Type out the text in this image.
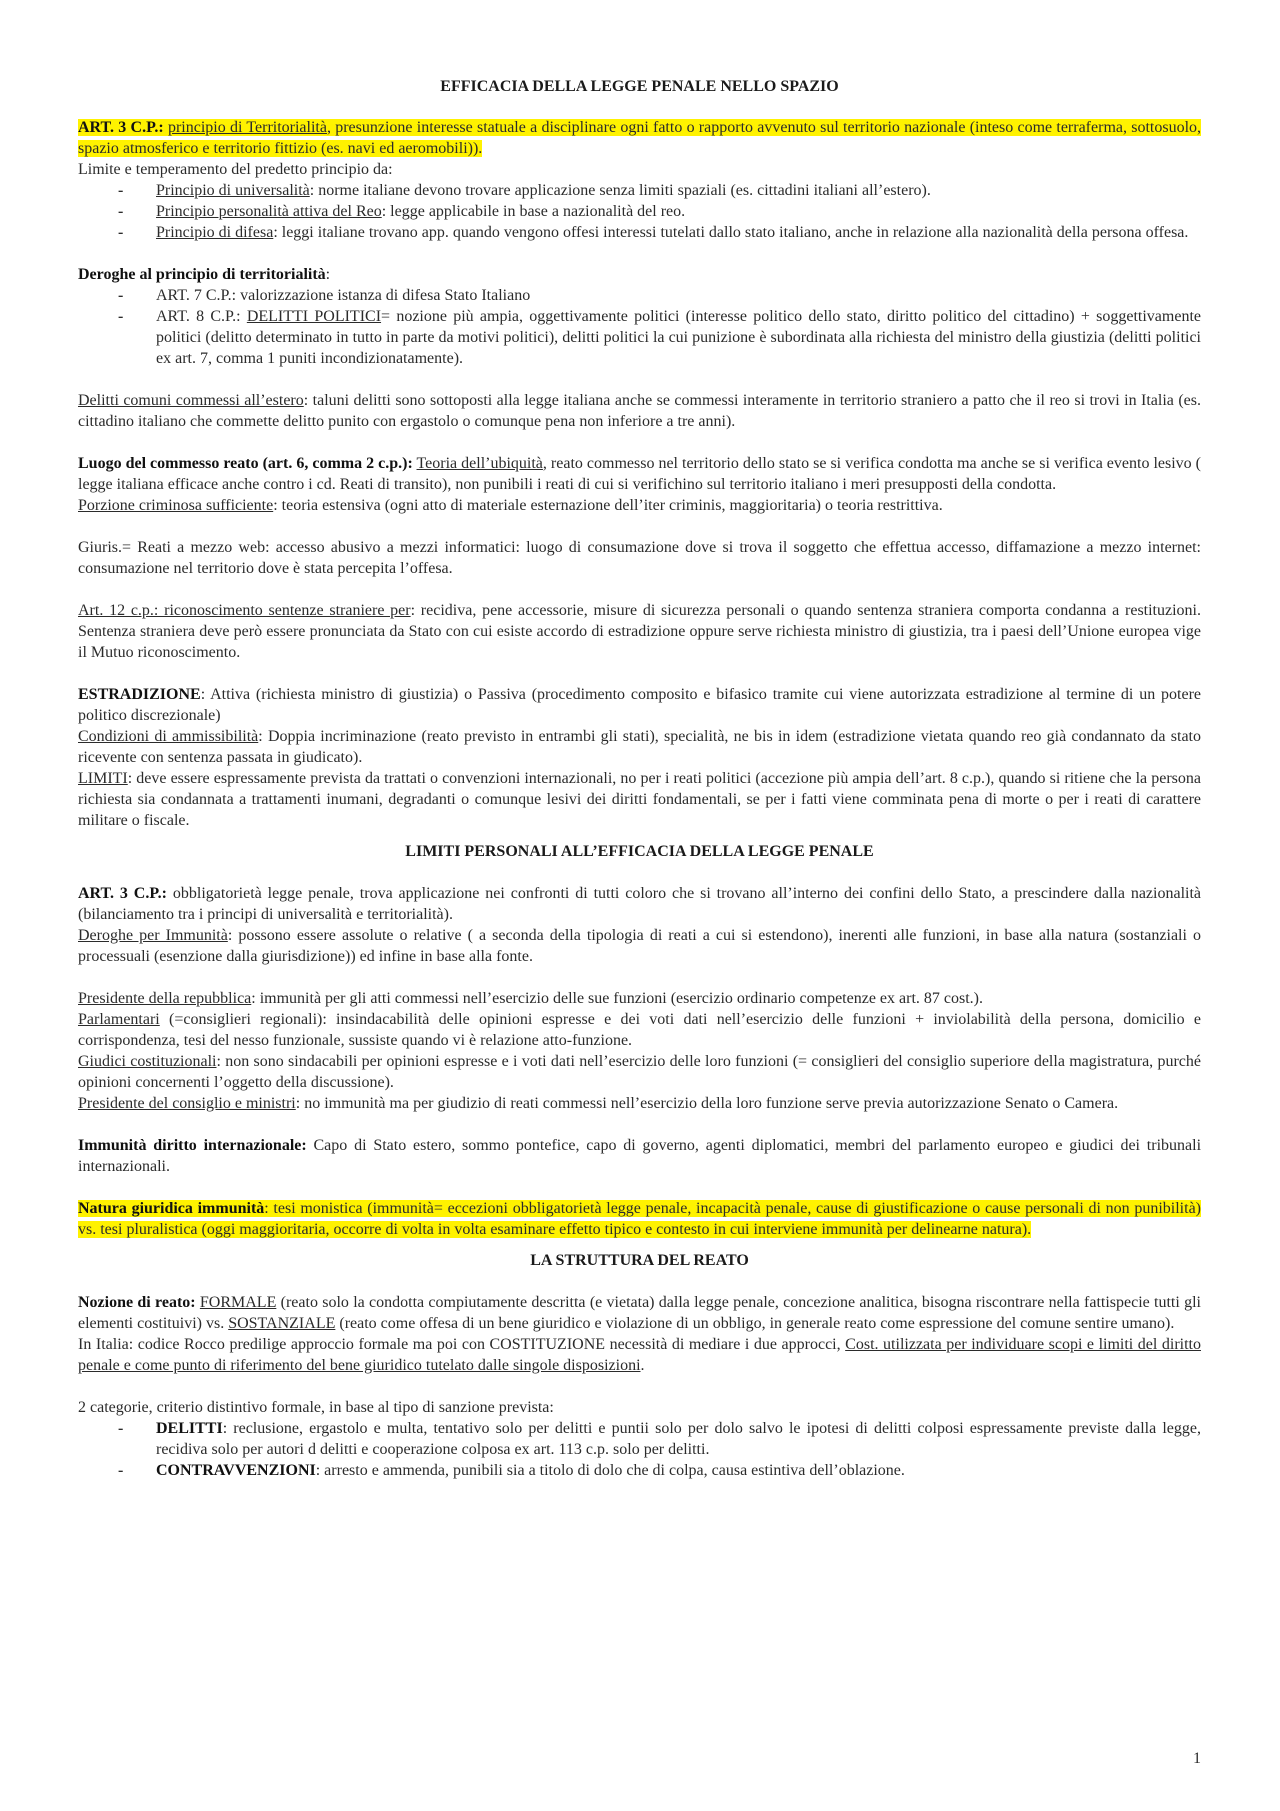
EFFICACIA DELLA LEGGE PENALE NELLO SPAZIO

ART. 3 C.P.: principio di Territorialità, presunzione interesse statuale a disciplinare ogni fatto o rapporto avvenuto sul territorio nazionale (inteso come terraferma, sottosuolo, spazio atmosferico e territorio fittizio (es. navi ed aeromobili)).

Limite e temperamento del predetto principio da:

- Principio di universalità: norme italiane devono trovare applicazione senza limiti spaziali (es. cittadini italiani all’estero).
- Principio personalità attiva del Reo: legge applicabile in base a nazionalità del reo.
- Principio di difesa: leggi italiane trovano app. quando vengono offesi interessi tutelati dallo stato italiano, anche in relazione alla nazionalità della persona offesa.

Deroghe al principio di territorialità:

- ART. 7 C.P.: valorizzazione istanza di difesa Stato Italiano
- ART. 8 C.P.: DELITTI POLITICI= nozione più ampia, oggettivamente politici (interesse politico dello stato, diritto politico del cittadino) + soggettivamente politici (delitto determinato in tutto in parte da motivi politici), delitti politici la cui punizione è subordinata alla richiesta del ministro della giustizia (delitti politici ex art. 7, comma 1 puniti incondizionatamente).

Delitti comuni commessi all’estero: taluni delitti sono sottoposti alla legge italiana anche se commessi interamente in territorio straniero a patto che il reo si trovi in Italia (es. cittadino italiano che commette delitto punito con ergastolo o comunque pena non inferiore a tre anni).

Luogo del commesso reato (art. 6, comma 2 c.p.): Teoria dell’ubiquità, reato commesso nel territorio dello stato se si verifica condotta ma anche se si verifica evento lesivo ( legge italiana efficace anche contro i cd. Reati di transito), non punibili i reati di cui si verifichino sul territorio italiano i meri presupposti della condotta.

Porzione criminosa sufficiente: teoria estensiva (ogni atto di materiale esternazione dell’iter criminis, maggioritaria) o teoria restrittiva.

Giuris.= Reati a mezzo web: accesso abusivo a mezzi informatici: luogo di consumazione dove si trova il soggetto che effettua accesso, diffamazione a mezzo internet: consumazione nel territorio dove è stata percepita l’offesa.

Art. 12 c.p.: riconoscimento sentenze straniere per: recidiva, pene accessorie, misure di sicurezza personali o quando sentenza straniera comporta condanna a restituzioni. Sentenza straniera deve però essere pronunciata da Stato con cui esiste accordo di estradizione oppure serve richiesta ministro di giustizia, tra i paesi dell’Unione europea vige il Mutuo riconoscimento.

ESTRADIZIONE: Attiva (richiesta ministro di giustizia) o Passiva (procedimento composito e bifasico tramite cui viene autorizzata estradizione al termine di un potere politico discrezionale)

Condizioni di ammissibilità: Doppia incriminazione (reato previsto in entrambi gli stati), specialità, ne bis in idem (estradizione vietata quando reo già condannato da stato ricevente con sentenza passata in giudicato).

LIMITI: deve essere espressamente prevista da trattati o convenzioni internazionali, no per i reati politici (accezione più ampia dell’art. 8 c.p.), quando si ritiene che la persona richiesta sia condannata a trattamenti inumani, degradanti o comunque lesivi dei diritti fondamentali, se per i fatti viene comminata pena di morte o per i reati di carattere militare o fiscale.

LIMITI PERSONALI ALL’EFFICACIA DELLA LEGGE PENALE

ART. 3 C.P.: obbligatorietà legge penale, trova applicazione nei confronti di tutti coloro che si trovano all’interno dei confini dello Stato, a prescindere dalla nazionalità (bilanciamento tra i principi di universalità e territorialità).

Deroghe per Immunità: possono essere assolute o relative ( a seconda della tipologia di reati a cui si estendono), inerenti alle funzioni, in base alla natura (sostanziali o processuali (esenzione dalla giurisdizione)) ed infine in base alla fonte.

Presidente della repubblica: immunità per gli atti commessi nell’esercizio delle sue funzioni (esercizio ordinario competenze ex art. 87 cost.).

Parlamentari (=consiglieri regionali): insindacabilità delle opinioni espresse e dei voti dati nell’esercizio delle funzioni + inviolabilità della persona, domicilio e corrispondenza, tesi del nesso funzionale, sussiste quando vi è relazione atto-funzione.

Giudici costituzionali: non sono sindacabili per opinioni espresse e i voti dati nell’esercizio delle loro funzioni (= consiglieri del consiglio superiore della magistratura, purché opinioni concernenti l’oggetto della discussione).

Presidente del consiglio e ministri: no immunità ma per giudizio di reati commessi nell’esercizio della loro funzione serve previa autorizzazione Senato o Camera.

Immunità diritto internazionale: Capo di Stato estero, sommo pontefice, capo di governo, agenti diplomatici, membri del parlamento europeo e giudici dei tribunali internazionali.

Natura giuridica immunità: tesi monistica (immunità= eccezioni obbligatorietà legge penale, incapacità penale, cause di giustificazione o cause personali di non punibilità) vs. tesi pluralistica (oggi maggioritaria, occorre di volta in volta esaminare effetto tipico e contesto in cui interviene immunità per delinearne natura).

LA STRUTTURA DEL REATO

Nozione di reato: FORMALE (reato solo la condotta compiutamente descritta (e vietata) dalla legge penale, concezione analitica, bisogna riscontrare nella fattispecie tutti gli elementi costituivi) vs. SOSTANZIALE (reato come offesa di un bene giuridico e violazione di un obbligo, in generale reato come espressione del comune sentire umano).

In Italia: codice Rocco predilige approccio formale ma poi con COSTITUZIONE necessità di mediare i due approcci, Cost. utilizzata per individuare scopi e limiti del diritto penale e come punto di riferimento del bene giuridico tutelato dalle singole disposizioni.

2 categorie, criterio distintivo formale, in base al tipo di sanzione prevista:

- DELITTI: reclusione, ergastolo e multa, tentativo solo per delitti e puntii solo per dolo salvo le ipotesi di delitti colposi espressamente previste dalla legge, recidiva solo per autori d delitti e cooperazione colposa ex art. 113 c.p. solo per delitti.
- CONTRAVVENZIONI: arresto e ammenda, punibili sia a titolo di dolo che di colpa, causa estintiva dell’oblazione.
1
